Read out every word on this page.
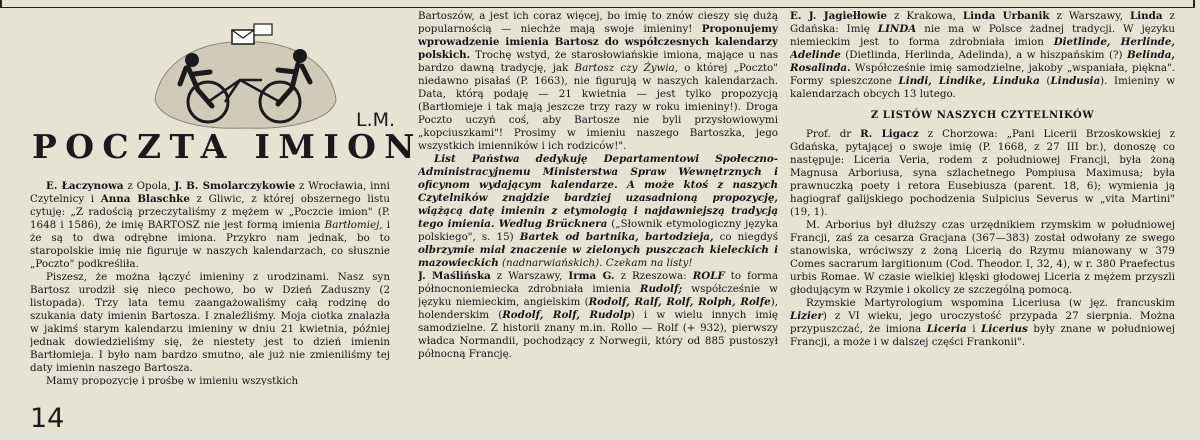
L.M.
POCZTA IMION

E. Łaczynowa z Opola, J. B. Smolarczykowie z Wrocławia, inni Czytelnicy i Anna Blaschke z Gliwic, z której obszernego listu cytuję: „Z radością przeczytaliśmy z mężem w „Poczcie imion" (P. 1648 i 1586), że imię BARTOSZ nie jest formą imienia Bartłomiej, i że są to dwa odrębne imiona. Przykro nam jednak, bo to staropolskie imię nie figuruje w naszych kalendarzach, co słusznie „Poczto" podkreśliła.

Piszesz, że można łączyć imieniny z urodzinami. Nasz syn Bartosz urodził się nieco pechowo, bo w Dzień Zaduszny (2 listopada). Trzy lata temu zaangażowaliśmy całą rodzinę do szukania daty imienin Bartosza. I znaleźliśmy. Moja ciotka znalazła w jakimś starym kalendarzu imieniny w dniu 21 kwietnia, później jednak dowiedzieliśmy się, że niestety jest to dzień imienin Bartłomieja. I było nam bardzo smutno, ale już nie zmieniliśmy tej daty imienin naszego Bartosza.

Mamy propozycję i prośbę w imieniu wszystkich

Bartoszów, a jest ich coraz więcej, bo imię to znów cieszy się dużą popularnością — niechże mają swoje imieniny! Proponujemy wprowadzenie imienia Bartosz do współczesnych kalendarzy polskich. Trochę wstyd, że starosłowiańskie imiona, mające u nas bardzo dawną tradycję, jak Bartosz czy Żywia, o której „Poczto" niedawno pisałaś (P. 1663), nie figurują w naszych kalendarzach. Data, którą podaję — 21 kwietnia — jest tylko propozycją (Bartłomieje i tak mają jeszcze trzy razy w roku imieniny!). Droga Poczto uczyń coś, aby Bartosze nie byli przysłowiowymi „kopciuszkami"! Prosimy w imieniu naszego Bartoszka, jego wszystkich imienników i ich rodziców!".

List Państwa dedykuję Departamentowi Społeczno-Administracyjnemu Ministerstwa Spraw Wewnętrznych i oficynom wydającym kalendarze. A może ktoś z naszych Czytelników znajdzie bardziej uzasadnioną propozycję, wiążącą datę imienin z etymologią i najdawniejszą tradycją tego imienia. Według Brücknera („Słownik etymologiczny języka polskiego", s. 15) Bartek od bartnika, bartodzieja, co niegdyś olbrzymie miał znaczenie w zielonych puszczach kieleckich i mazowieckich (nadnarwiańskich). Czekam na listy!

J. Maślińska z Warszawy, Irma G. z Rzeszowa: ROLF to forma północnoniemiecka zdrobniała imienia Rudolf; współcześnie w języku niemieckim, angielskim (Rodolf, Ralf, Rolf, Rolph, Rolfe), holenderskim (Rodolf, Rolf, Rudolp) i w wielu innych imię samodzielne. Z historii znany m.in. Rollo — Rolf (+ 932), pierwszy władca Normandii, pochodzący z Norwegii, który od 885 pustoszył północną Francję.

E. J. Jagiełłowie z Krakowa, Linda Urbanik z Warszawy, Linda z Gdańska: Imię LINDA nie ma w Polsce żadnej tradycji. W języku niemieckim jest to forma zdrobniała imion Dietlinde, Herlinde, Adelinde (Dietlinda, Herlinda, Adelinda), a w hiszpańskim (?) Belinda, Rosalinda. Współcześnie imię samodzielne, jakoby „wspaniała, piękna". Formy spieszczone Lindi, Lindike, Linduka (Lindusia). Imieniny w kalendarzach obcych 13 lutego.

Z LISTÓW NASZYCH CZYTELNIKÓW

Prof. dr R. Ligacz z Chorzowa: „Pani Licerii Brzoskowskiej z Gdańska, pytającej o swoje imię (P. 1668, z 27 III br.), donoszę co następuje: Liceria Veria, rodem z południowej Francji, była żoną Magnusa Arboriusa, syna szlachetnego Pompiusa Maximusa; była prawnuczką poety i retora Eusebiusza (parent. 18, 6); wymienia ją hagiograf galijskiego pochodzenia Sulpicius Severus w „vita Martini" (19, 1).

M. Arborius był dłuższy czas urzędnikiem rzymskim w południowej Francji, zaś za cesarza Gracjana (367—383) został odwołany ze swego stanowiska, wróciwszy z żoną Licerią do Rzymu mianowany w 379 Comes sacrarum largitionum (Cod. Theodor. I, 32, 4), w r. 380 Praefectus urbis Romae. W czasie wielkiej klęski głodowej Liceria z mężem przyszli głodującym w Rzymie i okolicy ze szczególną pomocą.

Rzymskie Martyrologium wspomina Liceriusa (w jęz. francuskim Lizier) z VI wieku, jego uroczystość przypada 27 sierpnia. Można przypuszczać, że imiona Liceria i Licerius były znane w południowej Francji, a może i w dalszej części Frankonii".

14
